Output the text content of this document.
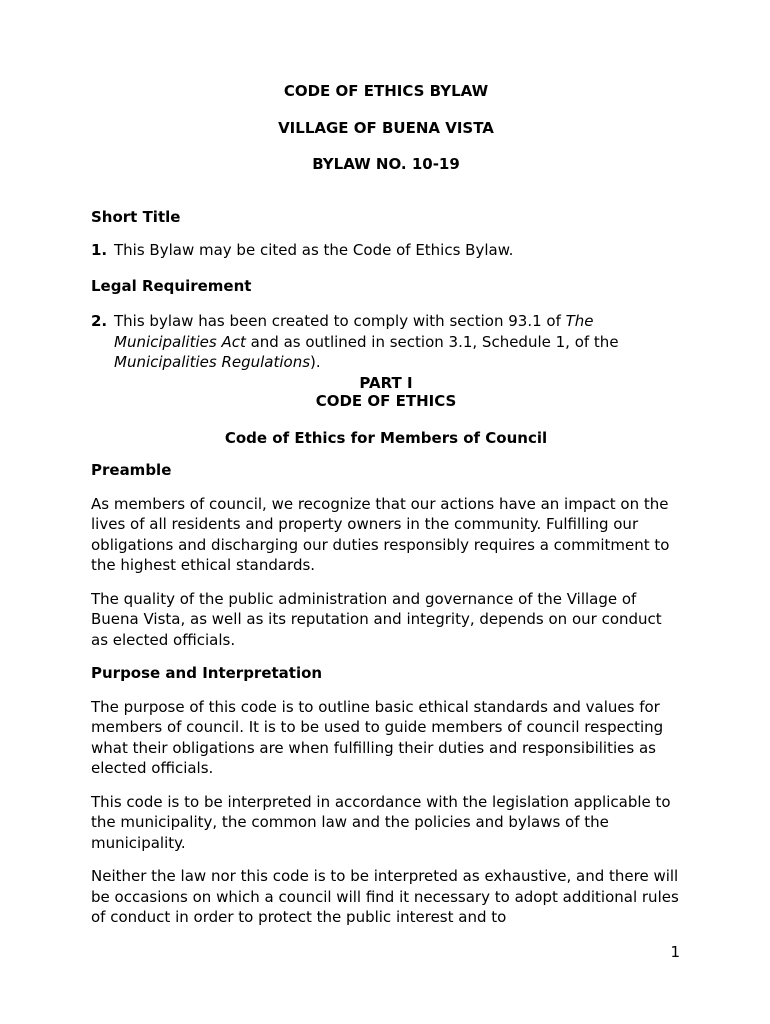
CODE OF ETHICS BYLAW
VILLAGE OF BUENA VISTA
BYLAW NO. 10-19
Short Title
1. This Bylaw may be cited as the Code of Ethics Bylaw.
Legal Requirement
2. This bylaw has been created to comply with section 93.1 of The Municipalities Act and as outlined in section 3.1, Schedule 1, of the Municipalities Regulations).
PART I
CODE OF ETHICS
Code of Ethics for Members of Council
Preamble

As members of council, we recognize that our actions have an impact on the lives of all residents and property owners in the community. Fulfilling our obligations and discharging our duties responsibly requires a commitment to the highest ethical standards.

The quality of the public administration and governance of the Village of Buena Vista, as well as its reputation and integrity, depends on our conduct as elected officials.

Purpose and Interpretation

The purpose of this code is to outline basic ethical standards and values for members of council. It is to be used to guide members of council respecting what their obligations are when fulfilling their duties and responsibilities as elected officials.

This code is to be interpreted in accordance with the legislation applicable to the municipality, the common law and the policies and bylaws of the municipality.

Neither the law nor this code is to be interpreted as exhaustive, and there will be occasions on which a council will find it necessary to adopt additional rules of conduct in order to protect the public interest and to

1
